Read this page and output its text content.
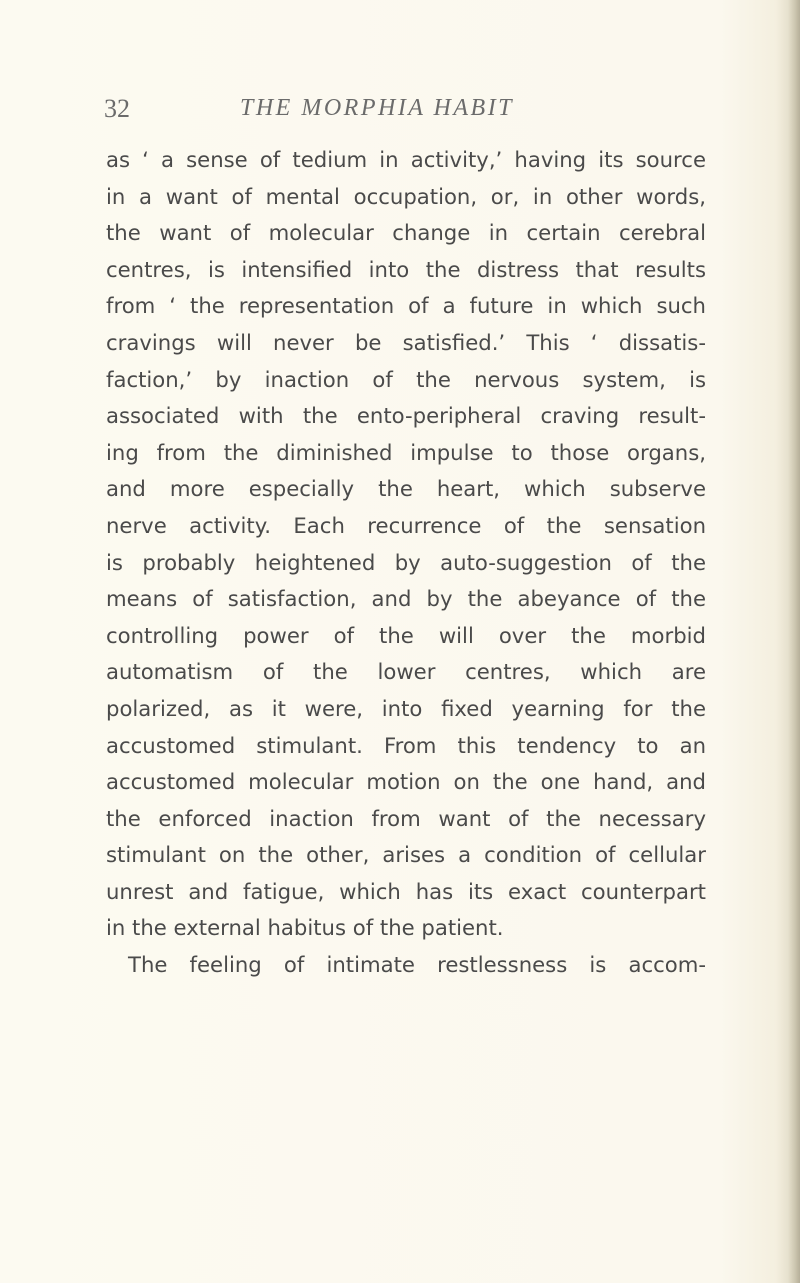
32	THE MORPHIA HABIT
as ‘ a sense of tedium in activity,’ having its source
in a want of mental occupation, or, in other words,
the want of molecular change in certain cerebral
centres, is intensified into the distress that results
from ‘ the representation of a future in which such
cravings will never be satisfied.’ This ‘ dissatis-
faction,’ by inaction of the nervous system, is
associated with the ento-peripheral craving result-
ing from the diminished impulse to those organs,
and more especially the heart, which subserve
nerve activity. Each recurrence of the sensation
is probably heightened by auto-suggestion of the
means of satisfaction, and by the abeyance of the
controlling power of the will over the morbid
automatism of the lower centres, which are
polarized, as it were, into fixed yearning for the
accustomed stimulant. From this tendency to an
accustomed molecular motion on the one hand, and
the enforced inaction from want of the necessary
stimulant on the other, arises a condition of cellular
unrest and fatigue, which has its exact counterpart
in the external habitus of the patient.
The feeling of intimate restlessness is accom-
